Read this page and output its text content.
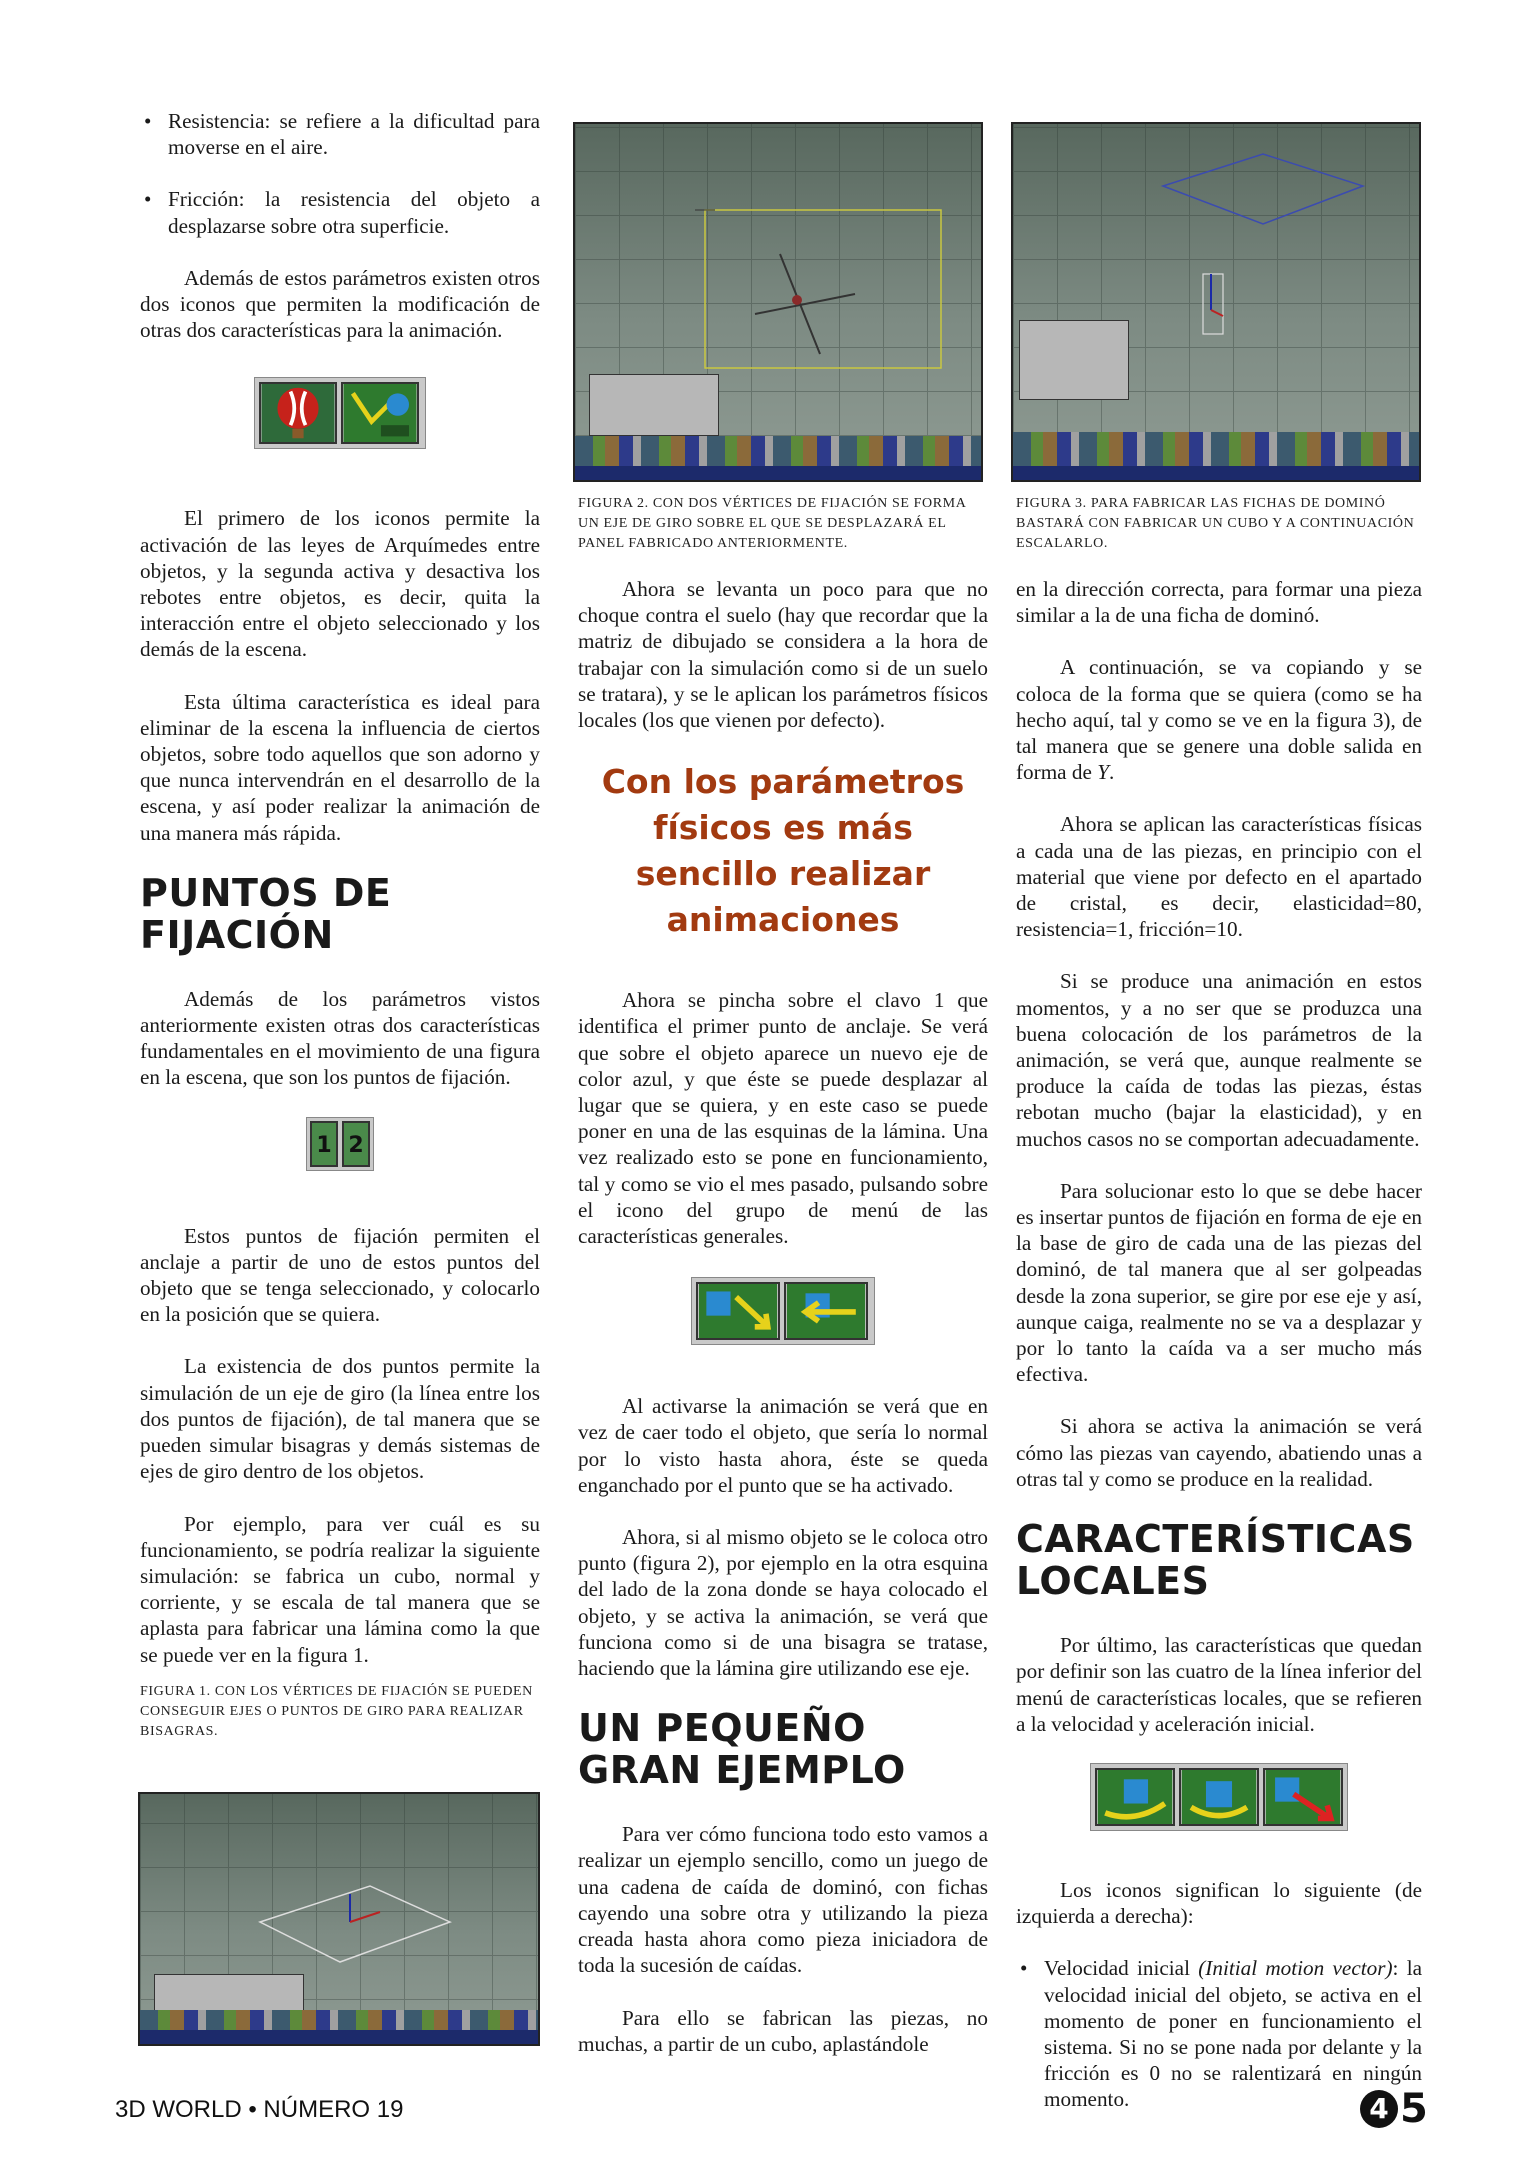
• Resistencia: se refiere a la dificultad para moverse en el aire.
• Fricción: la resistencia del objeto a desplazarse sobre otra superficie.

Además de estos parámetros existen otros dos iconos que permiten la modificación de otras dos características para la animación.

El primero de los iconos permite la activación de las leyes de Arquímedes entre objetos, y la segunda activa y desactiva los rebotes entre objetos, es decir, quita la interacción entre el objeto seleccionado y los demás de la escena.

Esta última característica es ideal para eliminar de la escena la influencia de ciertos objetos, sobre todo aquellos que son adorno y que nunca intervendrán en el desarrollo de la escena, y así poder realizar la animación de una manera más rápida.

PUNTOS DE
FIJACIÓN

Además de los parámetros vistos anteriormente existen otras dos características fundamentales en el movimiento de una figura en la escena, que son los puntos de fijación.

1 2

Estos puntos de fijación permiten el anclaje a partir de uno de estos puntos del objeto que se tenga seleccionado, y colocarlo en la posición que se quiera.

La existencia de dos puntos permite la simulación de un eje de giro (la línea entre los dos puntos de fijación), de tal manera que se pueden simular bisagras y demás sistemas de ejes de giro dentro de los objetos.

Por ejemplo, para ver cuál es su funcionamiento, se podría realizar la siguiente simulación: se fabrica un cubo, normal y corriente, y se escala de tal manera que se aplasta para fabricar una lámina como la que se puede ver en la figura 1.

FIGURA 1. CON LOS VÉRTICES DE FIJACIÓN SE PUEDEN CONSEGUIR EJES O PUNTOS DE GIRO PARA REALIZAR BISAGRAS.
FIGURA 2. CON DOS VÉRTICES DE FIJACIÓN SE FORMA UN EJE DE GIRO SOBRE EL QUE SE DESPLAZARÁ EL PANEL FABRICADO ANTERIORMENTE.

Ahora se levanta un poco para que no choque contra el suelo (hay que recordar que la matriz de dibujado se considera a la hora de trabajar con la simulación como si de un suelo se tratara), y se le aplican los parámetros físicos locales (los que vienen por defecto).

Con los parámetros
físicos es más
sencillo realizar
animaciones

Ahora se pincha sobre el clavo 1 que identifica el primer punto de anclaje. Se verá que sobre el objeto aparece un nuevo eje de color azul, y que éste se puede desplazar al lugar que se quiera, y en este caso se puede poner en una de las esquinas de la lámina. Una vez realizado esto se pone en funcionamiento, tal y como se vio el mes pasado, pulsando sobre el icono del grupo de menú de las características generales.

Al activarse la animación se verá que en vez de caer todo el objeto, que sería lo normal por lo visto hasta ahora, éste se queda enganchado por el punto que se ha activado.

Ahora, si al mismo objeto se le coloca otro punto (figura 2), por ejemplo en la otra esquina del lado de la zona donde se haya colocado el objeto, y se activa la animación, se verá que funciona como si de una bisagra se tratase, haciendo que la lámina gire utilizando ese eje.

UN PEQUEÑO
GRAN EJEMPLO

Para ver cómo funciona todo esto vamos a realizar un ejemplo sencillo, como un juego de una cadena de caída de dominó, con fichas cayendo una sobre otra y utilizando la pieza creada hasta ahora como pieza iniciadora de toda la sucesión de caídas.

Para ello se fabrican las piezas, no muchas, a partir de un cubo, aplastándole

FIGURA 3. PARA FABRICAR LAS FICHAS DE DOMINÓ BASTARÁ CON FABRICAR UN CUBO Y A CONTINUACIÓN ESCALARLO.

en la dirección correcta, para formar una pieza similar a la de una ficha de dominó.

A continuación, se va copiando y se coloca de la forma que se quiera (como se ha hecho aquí, tal y como se ve en la figura 3), de tal manera que se genere una doble salida en forma de Y.

Ahora se aplican las características físicas a cada una de las piezas, en principio con el material que viene por defecto en el apartado de cristal, es decir, elasticidad=80, resistencia=1, fricción=10.

Si se produce una animación en estos momentos, y a no ser que se produzca una buena colocación de los parámetros de la animación, se verá que, aunque realmente se produce la caída de todas las piezas, éstas rebotan mucho (bajar la elasticidad), y en muchos casos no se comportan adecuadamente.

Para solucionar esto lo que se debe hacer es insertar puntos de fijación en forma de eje en la base de giro de cada una de las piezas del dominó, de tal manera que al ser golpeadas desde la zona superior, se gire por ese eje y así, aunque caiga, realmente no se va a desplazar y por lo tanto la caída va a ser mucho más efectiva.

Si ahora se activa la animación se verá cómo las piezas van cayendo, abatiendo unas a otras tal y como se produce en la realidad.

CARACTERÍSTICAS
LOCALES

Por último, las características que quedan por definir son las cuatro de la línea inferior del menú de características locales, que se refieren a la velocidad y aceleración inicial.

Los iconos significan lo siguiente (de izquierda a derecha):

• Velocidad inicial (Initial motion vector): la velocidad inicial del objeto, se activa en el momento de poner en funcionamiento el sistema. Si no se pone nada por delante y la fricción es 0 no se ralentizará en ningún momento.
3D WORLD • NÚMERO 19	4 5
